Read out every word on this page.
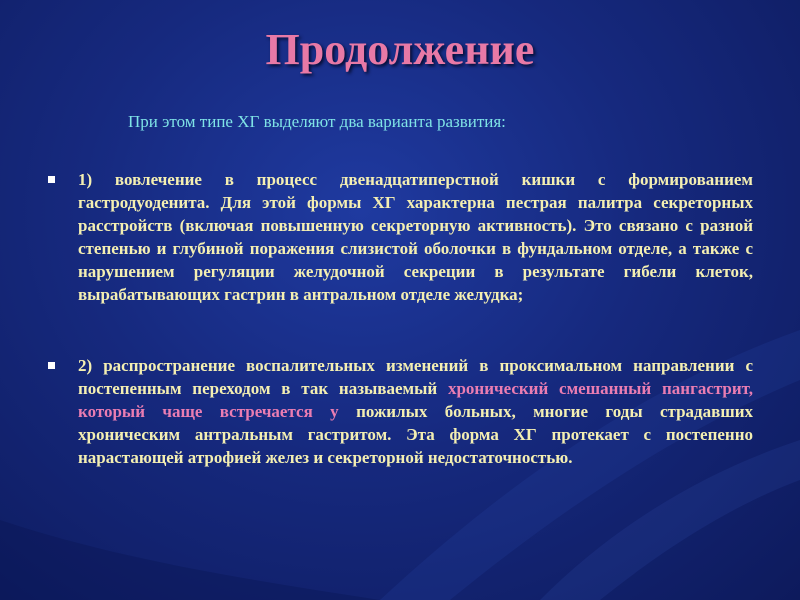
Продолжение
При этом типе ХГ выделяют два варианта развития:
1) вовлечение в процесс двенадцатиперстной кишки с формированием гастродуоденита. Для этой формы ХГ характерна пестрая палитра секреторных расстройств (включая повышенную секреторную активность). Это связано с разной степенью и глубиной поражения слизистой оболочки в фундальном отделе, а также с нарушением регуляции желудочной секреции в результате гибели клеток, вырабатывающих гастрин в антральном отделе желудка;
2) распространение воспалительных изменений в проксимальном направлении с постепенным переходом в так называемый хронический смешанный пангастрит, который чаще встречается у пожилых больных, многие годы страдавших хроническим антральным гастритом. Эта форма ХГ протекает с постепенно нарастающей атрофией желез и секреторной недостаточностью.
